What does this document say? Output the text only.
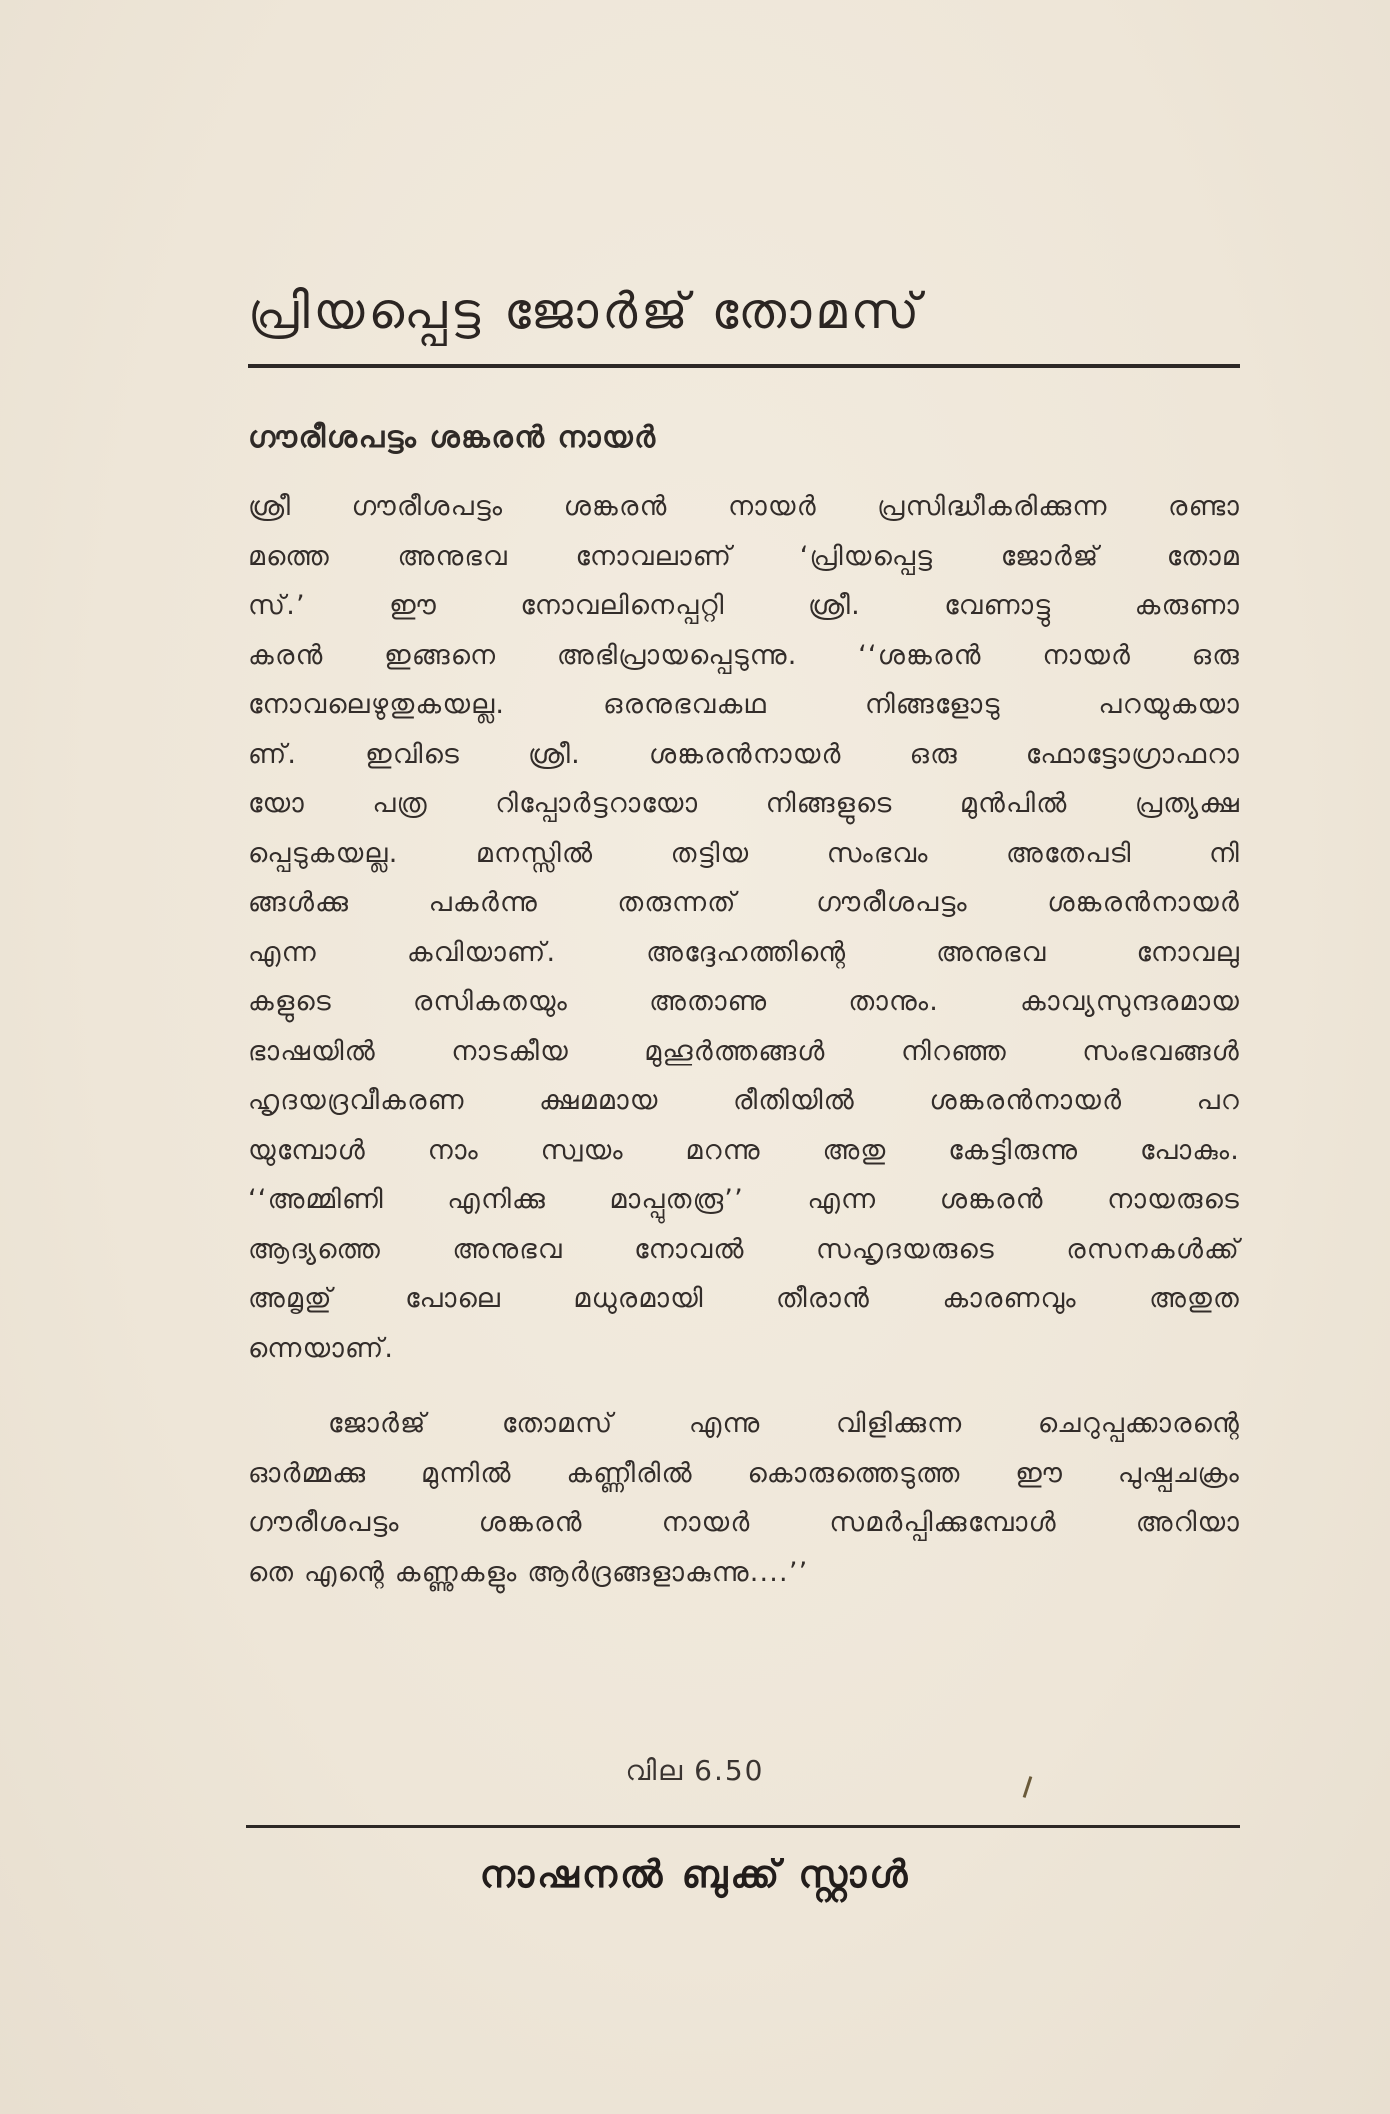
പ്രിയപ്പെട്ട ജോർജ് തോമസ്
ഗൗരീശപട്ടം ശങ്കരൻ നായർ
ശ്രീ ഗൗരീശപട്ടം ശങ്കരൻ നായർ പ്രസിദ്ധീകരിക്കുന്ന രണ്ടാ
മത്തെ അനുഭവ നോവലാണ് ‘പ്രിയപ്പെട്ട ജോർജ് തോമ
സ്.’ ഈ നോവലിനെപ്പറ്റി ശ്രീ. വേണാട്ടു കരുണാ
കരൻ ഇങ്ങനെ അഭിപ്രായപ്പെടുന്നു. ‘‘ശങ്കരൻ നായർ ഒരു
നോവലെഴുതുകയല്ല. ഒരനുഭവകഥ നിങ്ങളോടു പറയുകയാ
ണ്. ഇവിടെ ശ്രീ. ശങ്കരൻനായർ ഒരു ഫോട്ടോഗ്രാഫറാ
യോ പത്ര റിപ്പോർട്ടറായോ നിങ്ങളുടെ മുൻപിൽ പ്രത്യക്ഷ
പ്പെടുകയല്ല. മനസ്സിൽ തട്ടിയ സംഭവം അതേപടി നി
ങ്ങൾക്കു പകർന്നു തരുന്നത് ഗൗരീശപട്ടം ശങ്കരൻനായർ
എന്ന കവിയാണ്. അദ്ദേഹത്തിന്റെ അനുഭവ നോവലു
കളുടെ രസികതയും അതാണു താനും. കാവ്യസുന്ദരമായ
ഭാഷയിൽ നാടകീയ മുഹൂർത്തങ്ങൾ നിറഞ്ഞ സംഭവങ്ങൾ
ഹൃദയദ്രവീകരണ ക്ഷമമായ രീതിയിൽ ശങ്കരൻനായർ പറ
യുമ്പോൾ നാം സ്വയം മറന്നു അതു കേട്ടിരുന്നു പോകും.
‘‘അമ്മിണി എനിക്കു മാപ്പുതരൂ’’ എന്ന ശങ്കരൻ നായരുടെ
ആദ്യത്തെ അനുഭവ നോവൽ സഹൃദയരുടെ രസനകൾക്ക്
അമൃതു് പോലെ മധുരമായി തീരാൻ കാരണവും അതുത
ന്നെയാണ്.
ജോർജ് തോമസ് എന്നു വിളിക്കുന്ന ചെറുപ്പക്കാരന്റെ
ഓർമ്മക്കു മുന്നിൽ കണ്ണീരിൽ കൊരുത്തെടുത്ത ഈ പുഷ്പചക്രം
ഗൗരീശപട്ടം ശങ്കരൻ നായർ സമർപ്പിക്കുമ്പോൾ അറിയാ
തെ എന്റെ കണ്ണുകളും ആർദ്രങ്ങളാകുന്നു....’’

വില 6.50

നാഷനൽ ബുക്ക് സ്റ്റാൾ
